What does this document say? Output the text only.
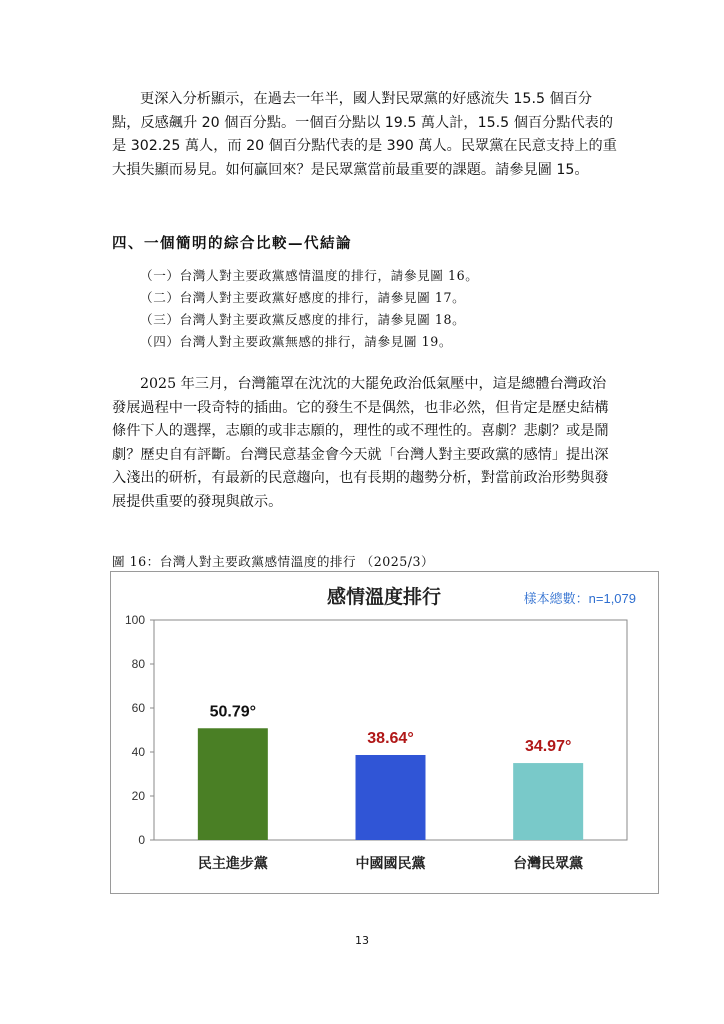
更深入分析顯示，在過去一年半，國人對民眾黨的好感流失 15.5 個百分點，反感飆升 20 個百分點。一個百分點以 19.5 萬人計，15.5 個百分點代表的是 302.25 萬人，而 20 個百分點代表的是 390 萬人。民眾黨在民意支持上的重大損失顯而易見。如何贏回來？是民眾黨當前最重要的課題。請參見圖 15。

四、一個簡明的綜合比較—代結論
（一）台灣人對主要政黨感情溫度的排行，請參見圖 16。
（二）台灣人對主要政黨好感度的排行，請參見圖 17。
（三）台灣人對主要政黨反感度的排行，請參見圖 18。
（四）台灣人對主要政黨無感的排行，請參見圖 19。

2025 年三月，台灣籠罩在沈沈的大罷免政治低氣壓中，這是總體台灣政治發展過程中一段奇特的插曲。它的發生不是偶然，也非必然，但肯定是歷史結構條件下人的選擇，志願的或非志願的，理性的或不理性的。喜劇？悲劇？或是鬧劇？歷史自有評斷。台灣民意基金會今天就「台灣人對主要政黨的感情」提出深入淺出的研析，有最新的民意趨向，也有長期的趨勢分析，對當前政治形勢與發展提供重要的發現與啟示。

圖 16：台灣人對主要政黨感情溫度的排行 （2025/3）

感情溫度排行	樣本總數：n=1,079
0
20
40
60
80
100
50.79°
民主進步黨
38.64°
中國國民黨
34.97°
台灣民眾黨
13
